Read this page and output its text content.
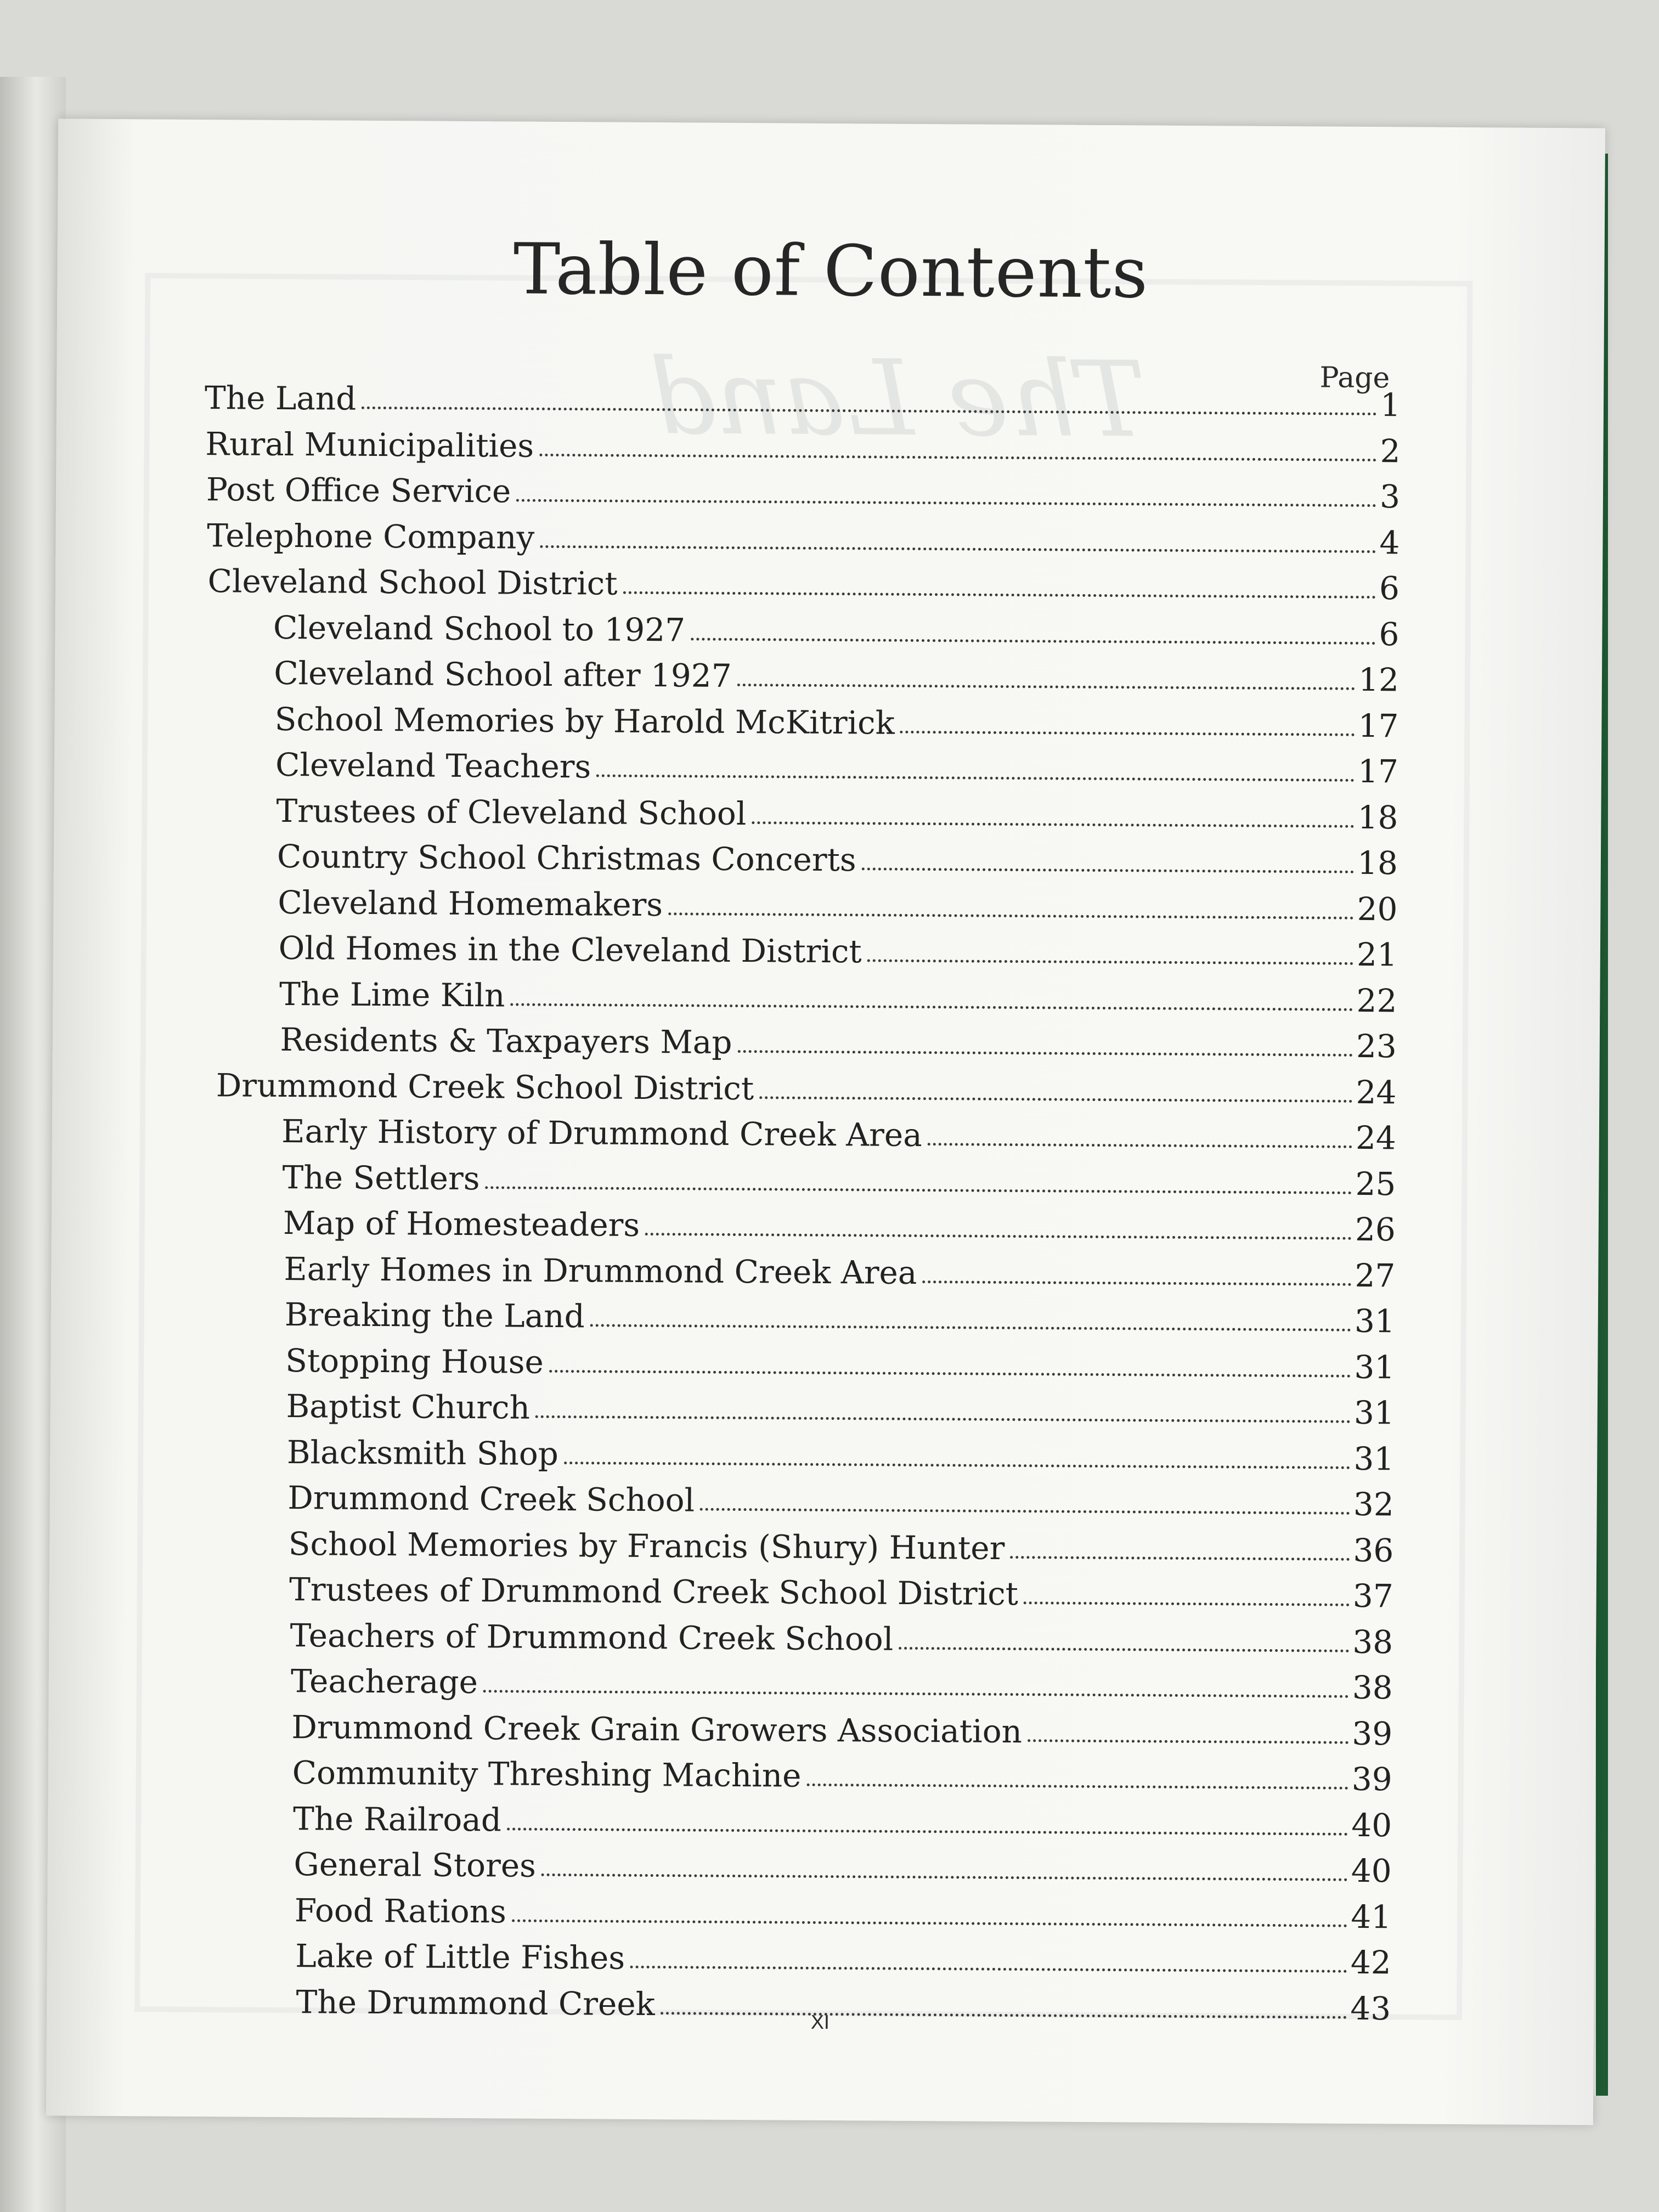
The Land
Table of Contents
Page
The Land	1
Rural Municipalities	2
Post Office Service	3
Telephone Company	4
Cleveland School District	6
Cleveland School to 1927	6
Cleveland School after 1927	12
School Memories by Harold McKitrick	17
Cleveland Teachers	17
Trustees of Cleveland School	18
Country School Christmas Concerts	18
Cleveland Homemakers	20
Old Homes in the Cleveland District	21
The Lime Kiln	22
Residents & Taxpayers Map	23
Drummond Creek School District	24
Early History of Drummond Creek Area	24
The Settlers	25
Map of Homesteaders	26
Early Homes in Drummond Creek Area	27
Breaking the Land	31
Stopping House	31
Baptist Church	31
Blacksmith Shop	31
Drummond Creek School	32
School Memories by Francis (Shury) Hunter	36
Trustees of Drummond Creek School District	37
Teachers of Drummond Creek School	38
Teacherage	38
Drummond Creek Grain Growers Association	39
Community Threshing Machine	39
The Railroad	40
General Stores	40
Food Rations	41
Lake of Little Fishes	42
The Drummond Creek	43
XI
